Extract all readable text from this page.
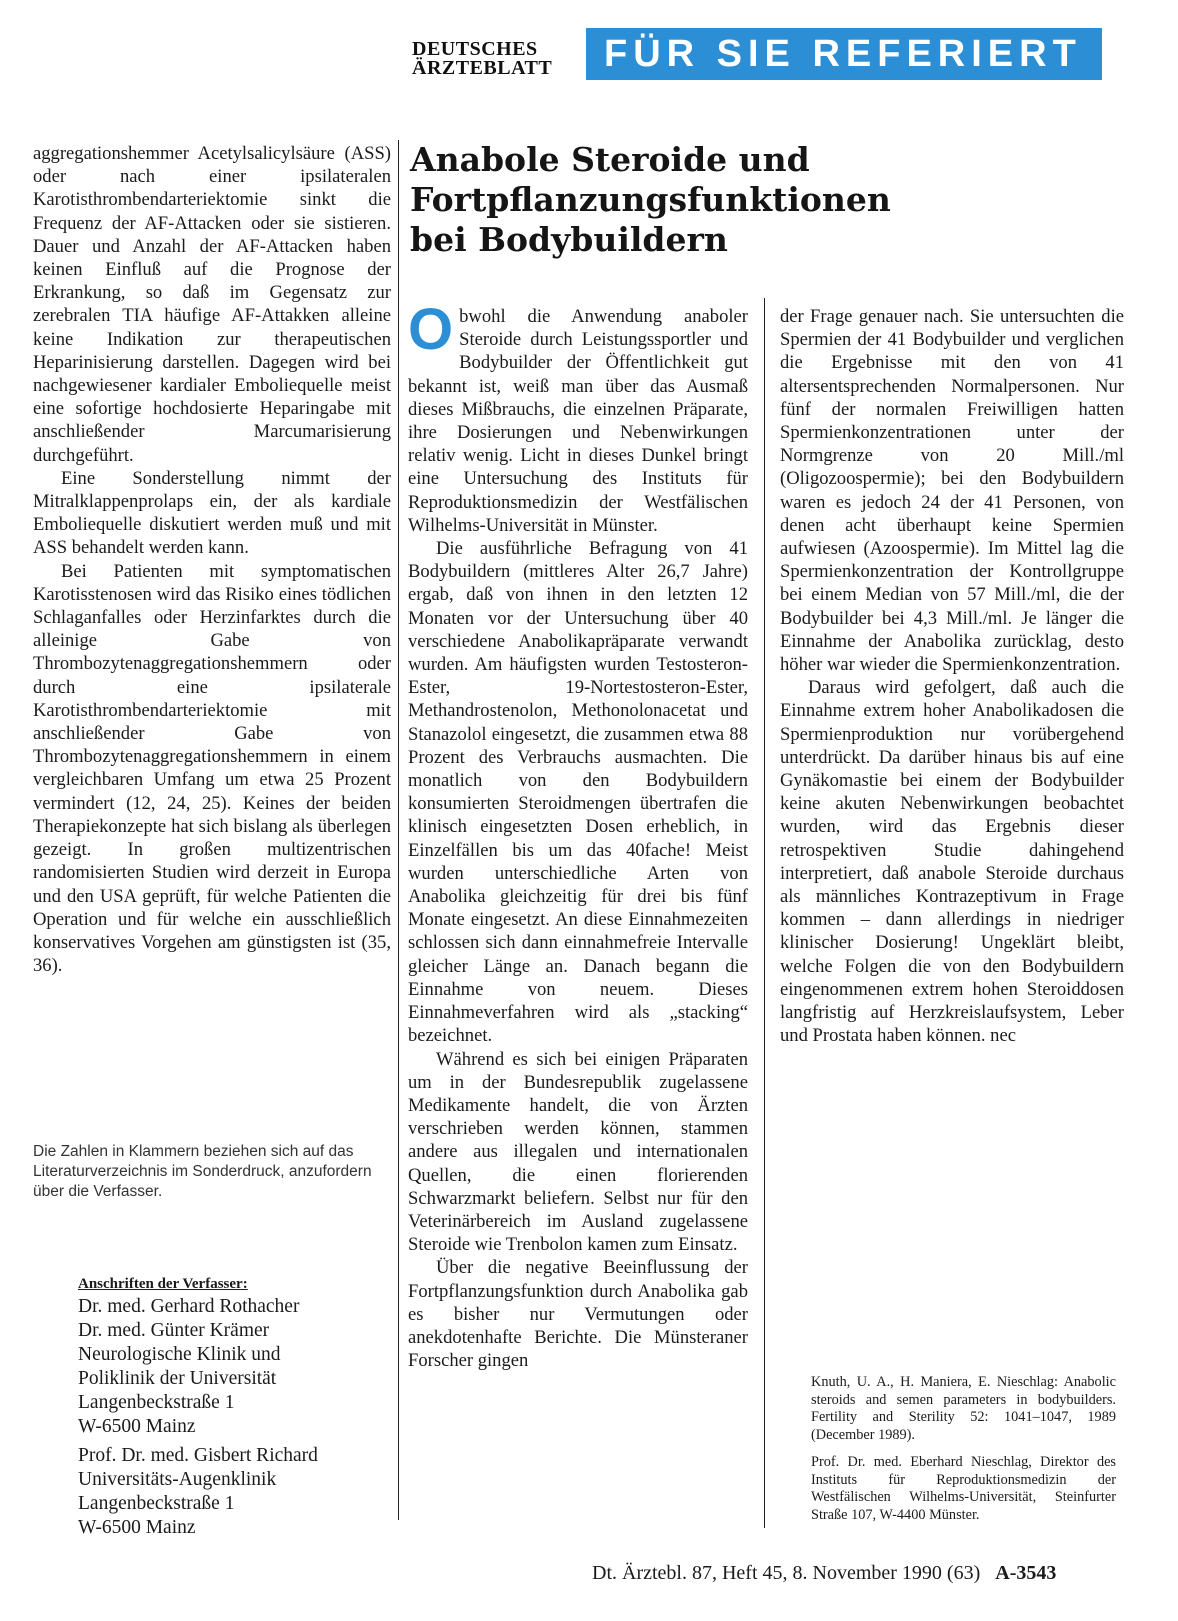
DEUTSCHES
ÄRZTEBLATT	FÜR SIE REFERIERT

aggregationshemmer Acetylsalicylsäure (ASS) oder nach einer ipsilateralen Karotisthrombendarteriektomie sinkt die Frequenz der AF-Attacken oder sie sistieren. Dauer und Anzahl der AF-Attacken haben keinen Einfluß auf die Prognose der Erkrankung, so daß im Gegensatz zur zerebralen TIA häufige AF-Attakken alleine keine Indikation zur therapeutischen Heparinisierung darstellen. Dagegen wird bei nachgewiesener kardialer Emboliequelle meist eine sofortige hochdosierte Heparingabe mit anschließender Marcumarisierung durchgeführt.

Eine Sonderstellung nimmt der Mitralklappenprolaps ein, der als kardiale Emboliequelle diskutiert werden muß und mit ASS behandelt werden kann.

Bei Patienten mit symptomatischen Karotisstenosen wird das Risiko eines tödlichen Schlaganfalles oder Herzinfarktes durch die alleinige Gabe von Thrombozytenaggregationshemmern oder durch eine ipsilaterale Karotisthrombendarteriektomie mit anschließender Gabe von Thrombozytenaggregationshemmern in einem vergleichbaren Umfang um etwa 25 Prozent vermindert (12, 24, 25). Keines der beiden Therapiekonzepte hat sich bislang als überlegen gezeigt. In großen multizentrischen randomisierten Studien wird derzeit in Europa und den USA geprüft, für welche Patienten die Operation und für welche ein ausschließlich konservatives Vorgehen am günstigsten ist (35, 36).

Die Zahlen in Klammern beziehen sich auf das Literaturverzeichnis im Sonderdruck, anzufordern über die Verfasser.
Anschriften der Verfasser:
Dr. med. Gerhard Rothacher
Dr. med. Günter Krämer
Neurologische Klinik und
Poliklinik der Universität
Langenbeckstraße 1
W-6500 Mainz
Prof. Dr. med. Gisbert Richard
Universitäts-Augenklinik
Langenbeckstraße 1
W-6500 Mainz
Anabole Steroide und
Fortpflanzungsfunktionen
bei Bodybuildern

Obwohl die Anwendung anaboler Steroide durch Leistungssportler und Bodybuilder der Öffentlichkeit gut bekannt ist, weiß man über das Ausmaß dieses Mißbrauchs, die einzelnen Präparate, ihre Dosierungen und Nebenwirkungen relativ wenig. Licht in dieses Dunkel bringt eine Untersuchung des Instituts für Reproduktionsmedizin der Westfälischen Wilhelms-Universität in Münster.

Die ausführliche Befragung von 41 Bodybuildern (mittleres Alter 26,7 Jahre) ergab, daß von ihnen in den letzten 12 Monaten vor der Untersuchung über 40 verschiedene Anabolikapräparate verwandt wurden. Am häufigsten wurden Testosteron-Ester, 19-Nortestosteron-Ester, Methandrostenolon, Methonolonacetat und Stanazolol eingesetzt, die zusammen etwa 88 Prozent des Verbrauchs ausmachten. Die monatlich von den Bodybuildern konsumierten Steroidmengen übertrafen die klinisch eingesetzten Dosen erheblich, in Einzelfällen bis um das 40fache! Meist wurden unterschiedliche Arten von Anabolika gleichzeitig für drei bis fünf Monate eingesetzt. An diese Einnahmezeiten schlossen sich dann einnahmefreie Intervalle gleicher Länge an. Danach begann die Einnahme von neuem. Dieses Einnahmeverfahren wird als „stacking“ bezeichnet.

Während es sich bei einigen Präparaten um in der Bundesrepublik zugelassene Medikamente handelt, die von Ärzten verschrieben werden können, stammen andere aus illegalen und internationalen Quellen, die einen florierenden Schwarzmarkt beliefern. Selbst nur für den Veterinärbereich im Ausland zugelassene Steroide wie Trenbolon kamen zum Einsatz.

Über die negative Beeinflussung der Fortpflanzungsfunktion durch Anabolika gab es bisher nur Vermutungen oder anekdotenhafte Berichte. Die Münsteraner Forscher gingen

der Frage genauer nach. Sie untersuchten die Spermien der 41 Bodybuilder und verglichen die Ergebnisse mit den von 41 altersentsprechenden Normalpersonen. Nur fünf der normalen Freiwilligen hatten Spermienkonzentrationen unter der Normgrenze von 20 Mill./ml (Oligozoospermie); bei den Bodybuildern waren es jedoch 24 der 41 Personen, von denen acht überhaupt keine Spermien aufwiesen (Azoospermie). Im Mittel lag die Spermienkonzentration der Kontrollgruppe bei einem Median von 57 Mill./ml, die der Bodybuilder bei 4,3 Mill./ml. Je länger die Einnahme der Anabolika zurücklag, desto höher war wieder die Spermienkonzentration.

Daraus wird gefolgert, daß auch die Einnahme extrem hoher Anabolikadosen die Spermienproduktion nur vorübergehend unterdrückt. Da darüber hinaus bis auf eine Gynäkomastie bei einem der Bodybuilder keine akuten Nebenwirkungen beobachtet wurden, wird das Ergebnis dieser retrospektiven Studie dahingehend interpretiert, daß anabole Steroide durchaus als männliches Kontrazeptivum in Frage kommen – dann allerdings in niedriger klinischer Dosierung! Ungeklärt bleibt, welche Folgen die von den Bodybuildern eingenommenen extrem hohen Steroiddosen langfristig auf Herzkreislaufsystem, Leber und Prostata haben können. nec

Knuth, U. A., H. Maniera, E. Nieschlag: Anabolic steroids and semen parameters in bodybuilders. Fertility and Sterility 52: 1041–1047, 1989 (December 1989).

Prof. Dr. med. Eberhard Nieschlag, Direktor des Instituts für Reproduktionsmedizin der Westfälischen Wilhelms-Universität, Steinfurter Straße 107, W-4400 Münster.

Dt. Ärztebl. 87, Heft 45, 8. November 1990 (63) A-3543
